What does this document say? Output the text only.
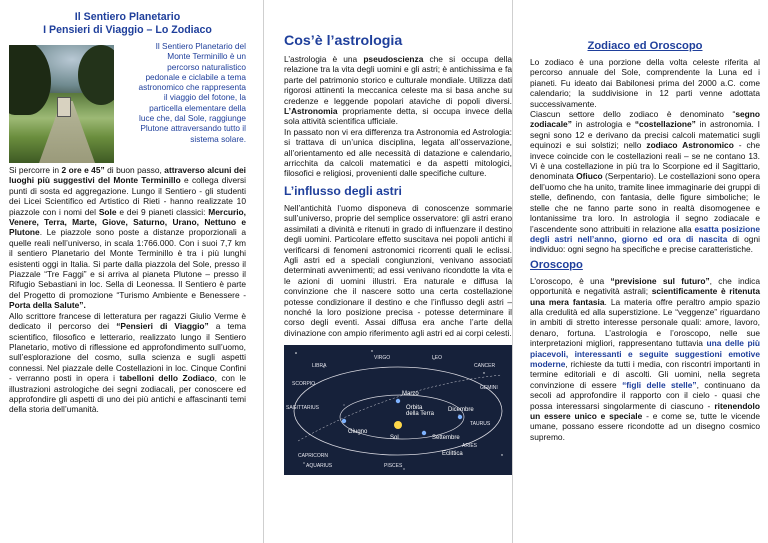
Il Sentiero Planetario
I Pensieri di Viaggio – Lo Zodiaco
Il Sentiero Planetario del Monte Terminillo è un percorso naturalistico pedonale e ciclabile a tema astronomico che rappresenta il viaggio del fotone, la particella elementare della luce che, dal Sole, raggiunge Plutone attraversando tutto il sistema solare.

Si percorre in 2 ore e 45” di buon passo, attraverso alcuni dei luoghi più suggestivi del Monte Terminillo e collega diversi punti di sosta ed aggregazione. Lungo il Sentiero - gli studenti dei Licei Scientifico ed Artistico di Rieti - hanno realizzate 10 piazzole con i nomi del Sole e dei 9 pianeti classici: Mercurio, Venere, Terra, Marte, Giove, Saturno, Urano, Nettuno e Plutone. Le piazzole sono poste a distanze proporzionali a quelle reali nell’universo, in scala 1:766.000. Con i suoi 7,7 km il sentiero Planetario del Monte Terminillo è tra i più lunghi esistenti oggi in Italia. Si parte dalla piazzola del Sole, presso il Piazzale “Tre Faggi” e si arriva al pianeta Plutone – presso il Rifugio Sebastiani in loc. Sella di Leonessa. Il Sentiero è parte del Progetto di promozione “Turismo Ambiente e Benessere - Porta della Salute”.

Allo scrittore francese di letteratura per ragazzi Giulio Verme è dedicato il percorso dei “Pensieri di Viaggio” a tema scientifico, filosofico e letterario, realizzato lungo il Sentiero Planetario, motivo di riflessione ed approfondimento sull’uomo, sull’esplorazione del cosmo, sulla scienza e sugli aspetti connessi. Nel piazzale delle Costellazioni in loc. Cinque Confini - verranno posti in opera i tabelloni dello Zodiaco, con le illustrazioni astrologiche dei segni zodiacali, per conoscere ed approfondire gli aspetti di uno dei più antichi e affascinanti temi della storia dell’umanità.

Cos’è l’astrologia

L’astrologia è una pseudoscienza che si occupa della relazione tra la vita degli uomini e gli astri; è antichissima e fa parte del patrimonio storico e culturale mondiale. Utilizza dati rigorosi attinenti la meccanica celeste ma si basa anche su credenze e leggende popolari ataviche di popoli diversi. L’Astronomia propriamente detta, si occupa invece della sola attività scientifica ufficiale.

In passato non vi era differenza tra Astronomia ed Astrologia: si trattava di un’unica disciplina, legata all’osservazione, all’orientamento ed alle necessità di datazione e calendario, arricchita da calcoli matematici e da aspetti mitologici, filosofici e religiosi, provenienti dalle specifiche culture.

L’influsso degli astri

Nell’antichità l’uomo disponeva di conoscenze sommarie sull’universo, proprie del semplice osservatore: gli astri erano assimilati a divinità e ritenuti in grado di influenzare il destino degli uomini. Particolare effetto suscitava nei popoli antichi il verificarsi di fenomeni astronomici ricorrenti quali le eclissi. Agli astri ed a speciali congiunzioni, venivano associati determinati avvenimenti; ad essi venivano ricondotte la vita e le azioni di uomini illustri. Era naturale e diffusa la convinzione che il nascere sotto una certa costellazione potesse condizionare il destino e che l’influsso degli astri – nonché la loro posizione precisa - potesse determinare il corso degli eventi. Assai diffusa era anche l’arte della divinazione con ampio riferimento agli astri ed ai corpi celesti.

LIBRA
VIRGO	LEO
CANCER
SCORPIO
GEMINI
SAGITTARIUS
TAURUS
CAPRICORN
ARIES
AQUARIUS	PISCES
Marzo
Orbita
della Terra
Dicembre
Giugno
Sol	Settembre
Eclittica
Zodiaco ed Oroscopo

Lo zodiaco è una porzione della volta celeste riferita al percorso annuale del Sole, comprendente la Luna ed i pianeti. Fu ideato dai Babilonesi prima del 2000 a.C. come calendario; la suddivisione in 12 parti venne adottata successivamente.
Ciascun settore dello zodiaco è denominato “segno zodiacale” in astrologia e “costellazione” in astronomia. I segni sono 12 e derivano da precisi calcoli matematici sugli equinozi e sui solstizi; nello zodiaco Astronomico - che invece coincide con le costellazioni reali – se ne contano 13. Vi è una costellazione in più tra lo Scorpione ed il Sagittario, denominata Ofiuco (Serpentario). Le costellazioni sono opera dell’uomo che ha unito, tramite linee immaginarie dei gruppi di stelle, definendo, con fantasia, delle figure simboliche; le stelle che ne fanno parte sono in realtà disomogenee e lontanissime tra loro. In astrologia il segno zodiacale e l’ascendente sono attribuiti in relazione alla esatta posizione degli astri nell’anno, giorno ed ora di nascita di ogni individuo: ogni segno ha specifiche e precise caratteristiche.

Oroscopo

L’oroscopo, è una “previsione sul futuro”, che indica opportunità e negatività astrali; scientificamente è ritenuta una mera fantasia. La materia offre peraltro ampio spazio alla credulità ed alla superstizione. Le “veggenze” riguardano in ambiti di stretto interesse personale quali: amore, lavoro, denaro, fortuna. L’astrologia e l’oroscopo, nelle sue interpretazioni migliori, rappresentano tuttavia una delle più piacevoli, interessanti e seguite suggestioni emotive moderne, richieste da tutti i media, con riscontri importanti in termine editoriali e di ascolti. Gli uomini, nella segreta convinzione di essere “figli delle stelle”, continuano da secoli ad approfondire il rapporto con il cielo - quasi che possa interessarsi singolarmente di ciascuno - ritenendolo un essere unico e speciale - e come se, tutte le vicende umane, possano essere ricondotte ad un disegno cosmico supremo.
